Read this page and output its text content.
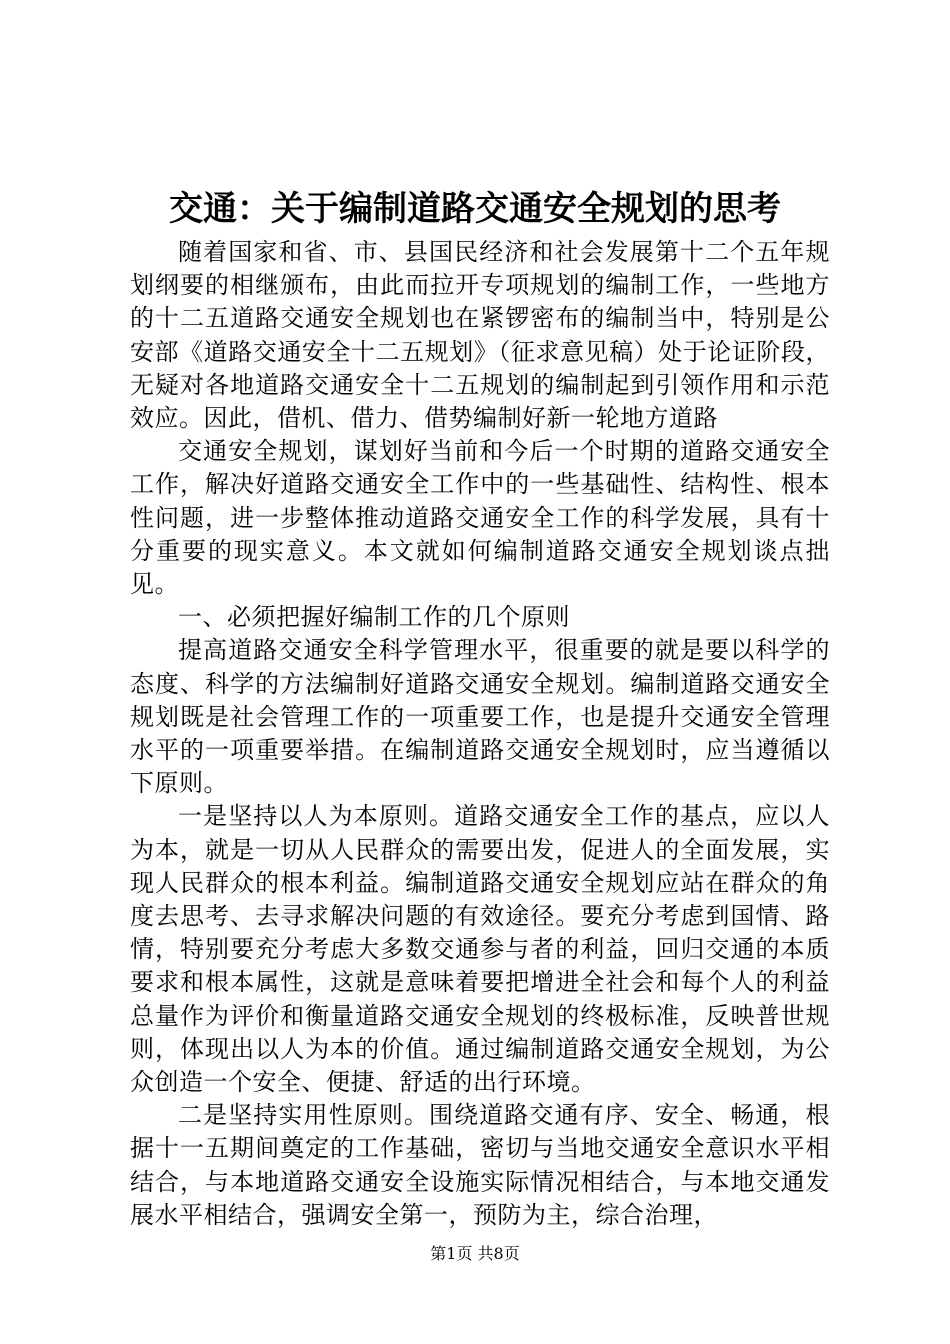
交通：关于编制道路交通安全规划的思考

随着国家和省、市、县国民经济和社会发展第十二个五年规划纲要的相继颁布，由此而拉开专项规划的编制工作，一些地方的十二五道路交通安全规划也在紧锣密布的编制当中，特别是公安部《道路交通安全十二五规划》（征求意见稿）处于论证阶段，无疑对各地道路交通安全十二五规划的编制起到引领作用和示范效应。因此，借机、借力、借势编制好新一轮地方道路

交通安全规划，谋划好当前和今后一个时期的道路交通安全工作，解决好道路交通安全工作中的一些基础性、结构性、根本性问题，进一步整体推动道路交通安全工作的科学发展，具有十分重要的现实意义。本文就如何编制道路交通安全规划谈点拙见。

一、必须把握好编制工作的几个原则

提高道路交通安全科学管理水平，很重要的就是要以科学的态度、科学的方法编制好道路交通安全规划。编制道路交通安全规划既是社会管理工作的一项重要工作，也是提升交通安全管理水平的一项重要举措。在编制道路交通安全规划时，应当遵循以下原则。

一是坚持以人为本原则。道路交通安全工作的基点，应以人为本，就是一切从人民群众的需要出发，促进人的全面发展，实现人民群众的根本利益。编制道路交通安全规划应站在群众的角度去思考、去寻求解决问题的有效途径。要充分考虑到国情、路情，特别要充分考虑大多数交通参与者的利益，回归交通的本质要求和根本属性，这就是意味着要把增进全社会和每个人的利益总量作为评价和衡量道路交通安全规划的终极标准，反映普世规则，体现出以人为本的价值。通过编制道路交通安全规划，为公众创造一个安全、便捷、舒适的出行环境。

二是坚持实用性原则。围绕道路交通有序、安全、畅通，根据十一五期间奠定的工作基础，密切与当地交通安全意识水平相结合，与本地道路交通安全设施实际情况相结合，与本地交通发展水平相结合，强调安全第一，预防为主，综合治理，

第1页 共8页
